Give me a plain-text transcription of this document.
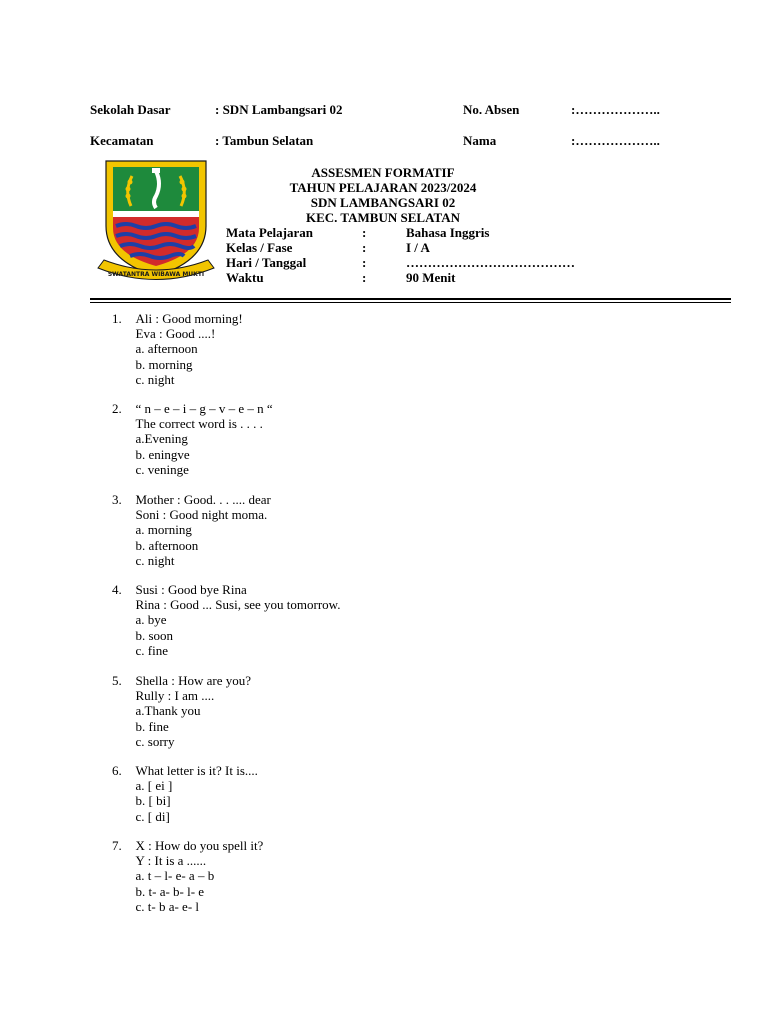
Sekolah Dasar	: SDN Lambangsari 02	No. Absen	:………………..
Kecamatan	: Tambun Selatan	Nama	:………………..
SWATANTRA WIBAWA MUKTI
ASSESMEN FORMATIF
TAHUN PELAJARAN 2023/2024
SDN LAMBANGSARI 02
KEC. TAMBUN SELATAN
Mata Pelajaran	:	Bahasa Inggris
Kelas / Fase	:	I / A
Hari / Tanggal	:	…………………………………
Waktu	:	90 Menit
1.	Ali : Good morning!
Eva : Good ....!
a. afternoon
b. morning
c. night
2.	“ n – e – i – g – v – e – n “
The correct word is . . . .
a.Evening
b. eningve
c. veninge
3.	Mother : Good. . . .... dear
Soni : Good night moma.
a. morning
b. afternoon
c. night
4.	Susi : Good bye Rina
Rina : Good ... Susi, see you tomorrow.
a. bye
b. soon
c. fine
5.	Shella : How are you?
Rully : I am ....
a.Thank you
b. fine
c. sorry
6.	What letter is it? It is....
a. [ ei ]
b. [ bi]
c. [ di]
7.	X : How do you spell it?
Y : It is a ......
a. t – l- e- a – b
b. t- a- b- l- e
c. t- b a- e- l
